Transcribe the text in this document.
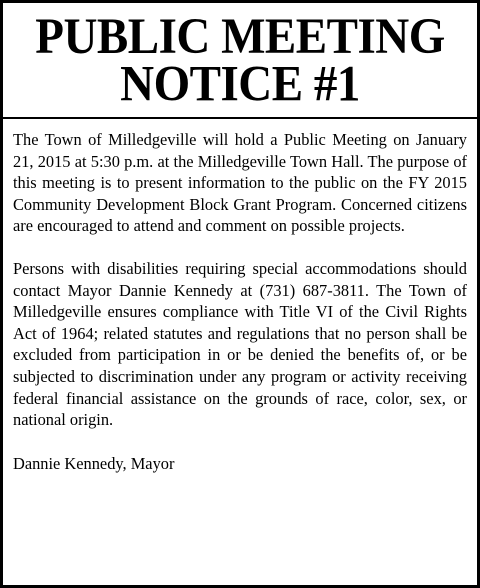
PUBLIC MEETING
NOTICE #1

The Town of Milledgeville will hold a Public Meeting on January 21, 2015 at 5:30 p.m. at the Milledgeville Town Hall. The purpose of this meeting is to present information to the public on the FY 2015 Community Development Block Grant Program. Concerned citizens are encouraged to attend and comment on possible projects.

Persons with disabilities requiring special accommodations should contact Mayor Dannie Kennedy at (731) 687-3811. The Town of Milledgeville ensures compliance with Title VI of the Civil Rights Act of 1964; related statutes and regulations that no person shall be excluded from participation in or be denied the benefits of, or be subjected to discrimination under any program or activity receiving federal financial assistance on the grounds of race, color, sex, or national origin.

Dannie Kennedy, Mayor
